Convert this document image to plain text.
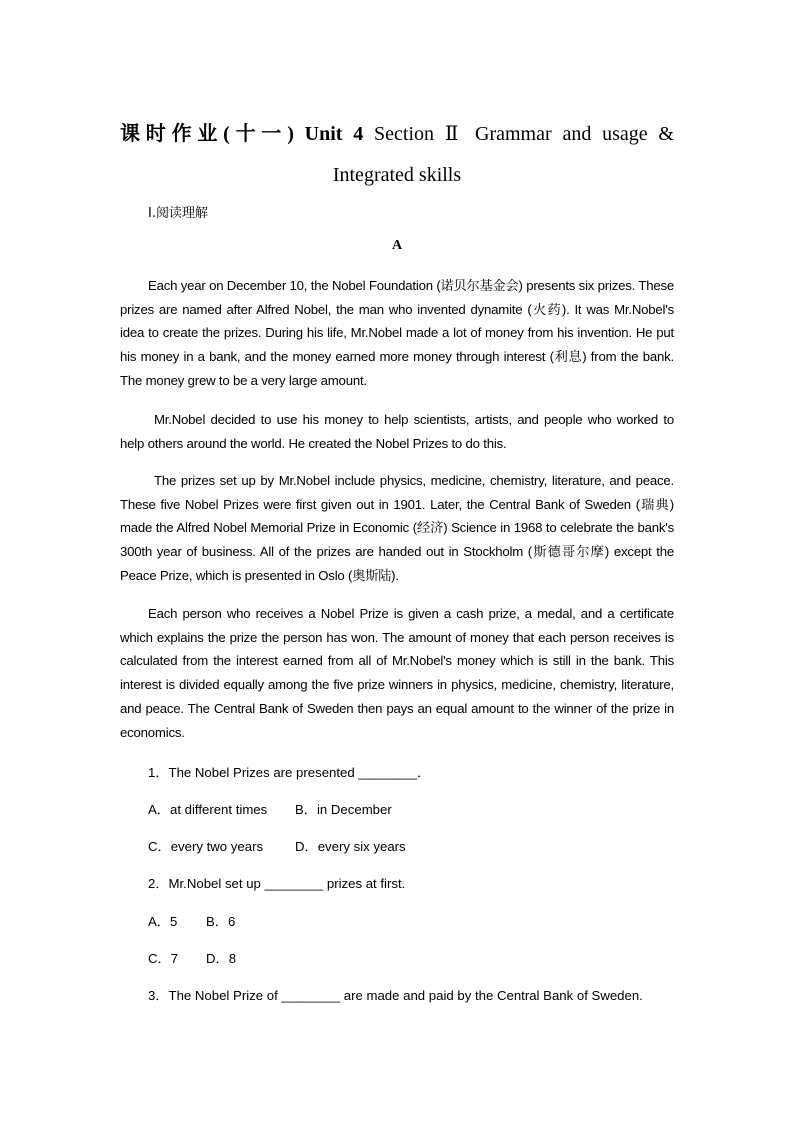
课时作业(十一) Unit 4 Section Ⅱ Grammar and usage &
Integrated skills
Ⅰ.阅读理解
A

Each year on December 10, the Nobel Foundation (诺贝尔基金会) presents six prizes. These prizes are named after Alfred Nobel, the man who invented dynamite (火药). It was Mr.Nobel's idea to create the prizes. During his life, Mr.Nobel made a lot of money from his invention. He put his money in a bank, and the money earned more money through interest (利息) from the bank. The money grew to be a very large amount.

Mr.Nobel decided to use his money to help scientists, artists, and people who worked to help others around the world. He created the Nobel Prizes to do this.

The prizes set up by Mr.Nobel include physics, medicine, chemistry, literature, and peace. These five Nobel Prizes were first given out in 1901. Later, the Central Bank of Sweden (瑞典) made the Alfred Nobel Memorial Prize in Economic (经济) Science in 1968 to celebrate the bank's 300th year of business. All of the prizes are handed out in Stockholm (斯德哥尔摩) except the Peace Prize, which is presented in Oslo (奥斯陆).

Each person who receives a Nobel Prize is given a cash prize, a medal, and a certificate which explains the prize the person has won. The amount of money that each person receives is calculated from the interest earned from all of Mr.Nobel's money which is still in the bank. This interest is divided equally among the five prize winners in physics, medicine, chemistry, literature, and peace. The Central Bank of Sweden then pays an equal amount to the winner of the prize in economics.

1．The Nobel Prizes are presented ________．
A．at different times B．in December
C．every two years D．every six years
2．Mr.Nobel set up ________ prizes at first.
A．5 B．6
C．7 D．8
3．The Nobel Prize of ________ are made and paid by the Central Bank of Sweden.
